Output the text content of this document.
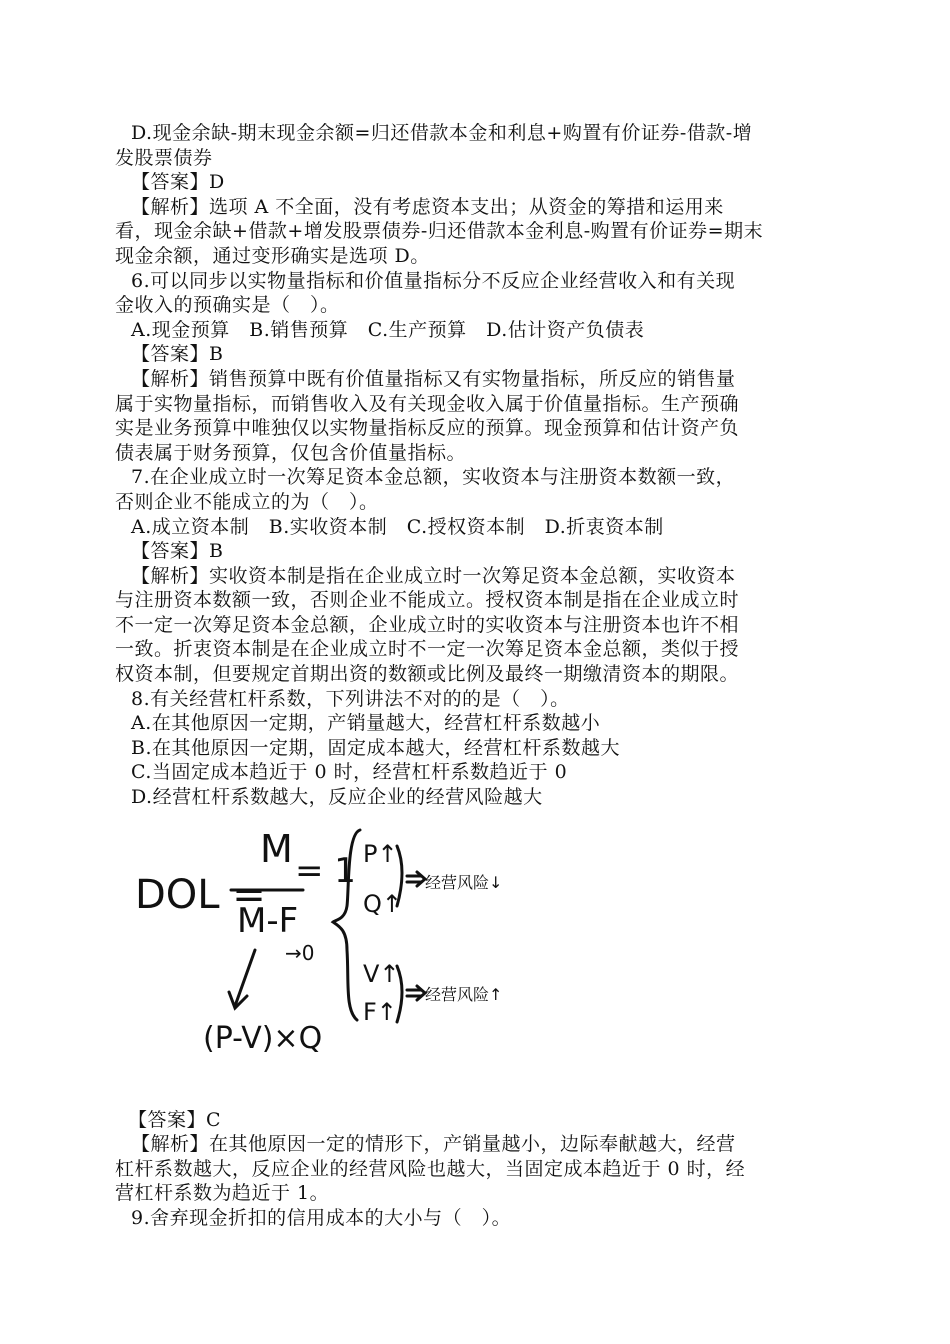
D.现金余缺-期末现金余额=归还借款本金和利息+购置有价证券-借款-增
发股票债券
【答案】D
【解析】选项 A 不全面，没有考虑资本支出；从资金的筹措和运用来
看，现金余缺+借款+增发股票债券-归还借款本金利息-购置有价证券=期末
现金余额，通过变形确实是选项 D。
6.可以同步以实物量指标和价值量指标分不反应企业经营收入和有关现
金收入的预确实是（　）。
A.现金预算　B.销售预算　C.生产预算　D.估计资产负债表
【答案】B
【解析】销售预算中既有价值量指标又有实物量指标，所反应的销售量
属于实物量指标，而销售收入及有关现金收入属于价值量指标。生产预确
实是业务预算中唯独仅以实物量指标反应的预算。现金预算和估计资产负
债表属于财务预算，仅包含价值量指标。
7.在企业成立时一次筹足资本金总额，实收资本与注册资本数额一致，
否则企业不能成立的为（　）。
A.成立资本制　B.实收资本制　C.授权资本制　D.折衷资本制
【答案】B
【解析】实收资本制是指在企业成立时一次筹足资本金总额，实收资本
与注册资本数额一致，否则企业不能成立。授权资本制是指在企业成立时
不一定一次筹足资本金总额，企业成立时的实收资本与注册资本也许不相
一致。折衷资本制是在企业成立时不一定一次筹足资本金总额，类似于授
权资本制，但要规定首期出资的数额或比例及最终一期缴清资本的期限。
8.有关经营杠杆系数，下列讲法不对的的是（　）。
A.在其他原因一定期，产销量越大，经营杠杆系数越小
B.在其他原因一定期，固定成本越大，经营杠杆系数越大
C.当固定成本趋近于 0 时，经营杠杆系数趋近于 0
D.经营杠杆系数越大，反应企业的经营风险越大
DOL =
M = 1
M-F
→0
(P-V)×Q
P↑
Q↑
经营风险↓
V↑
F↑
经营风险↑
【答案】C
【解析】在其他原因一定的情形下，产销量越小，边际奉献越大，经营
杠杆系数越大，反应企业的经营风险也越大，当固定成本趋近于 0 时，经
营杠杆系数为趋近于 1。
9.舍弃现金折扣的信用成本的大小与（　）。
